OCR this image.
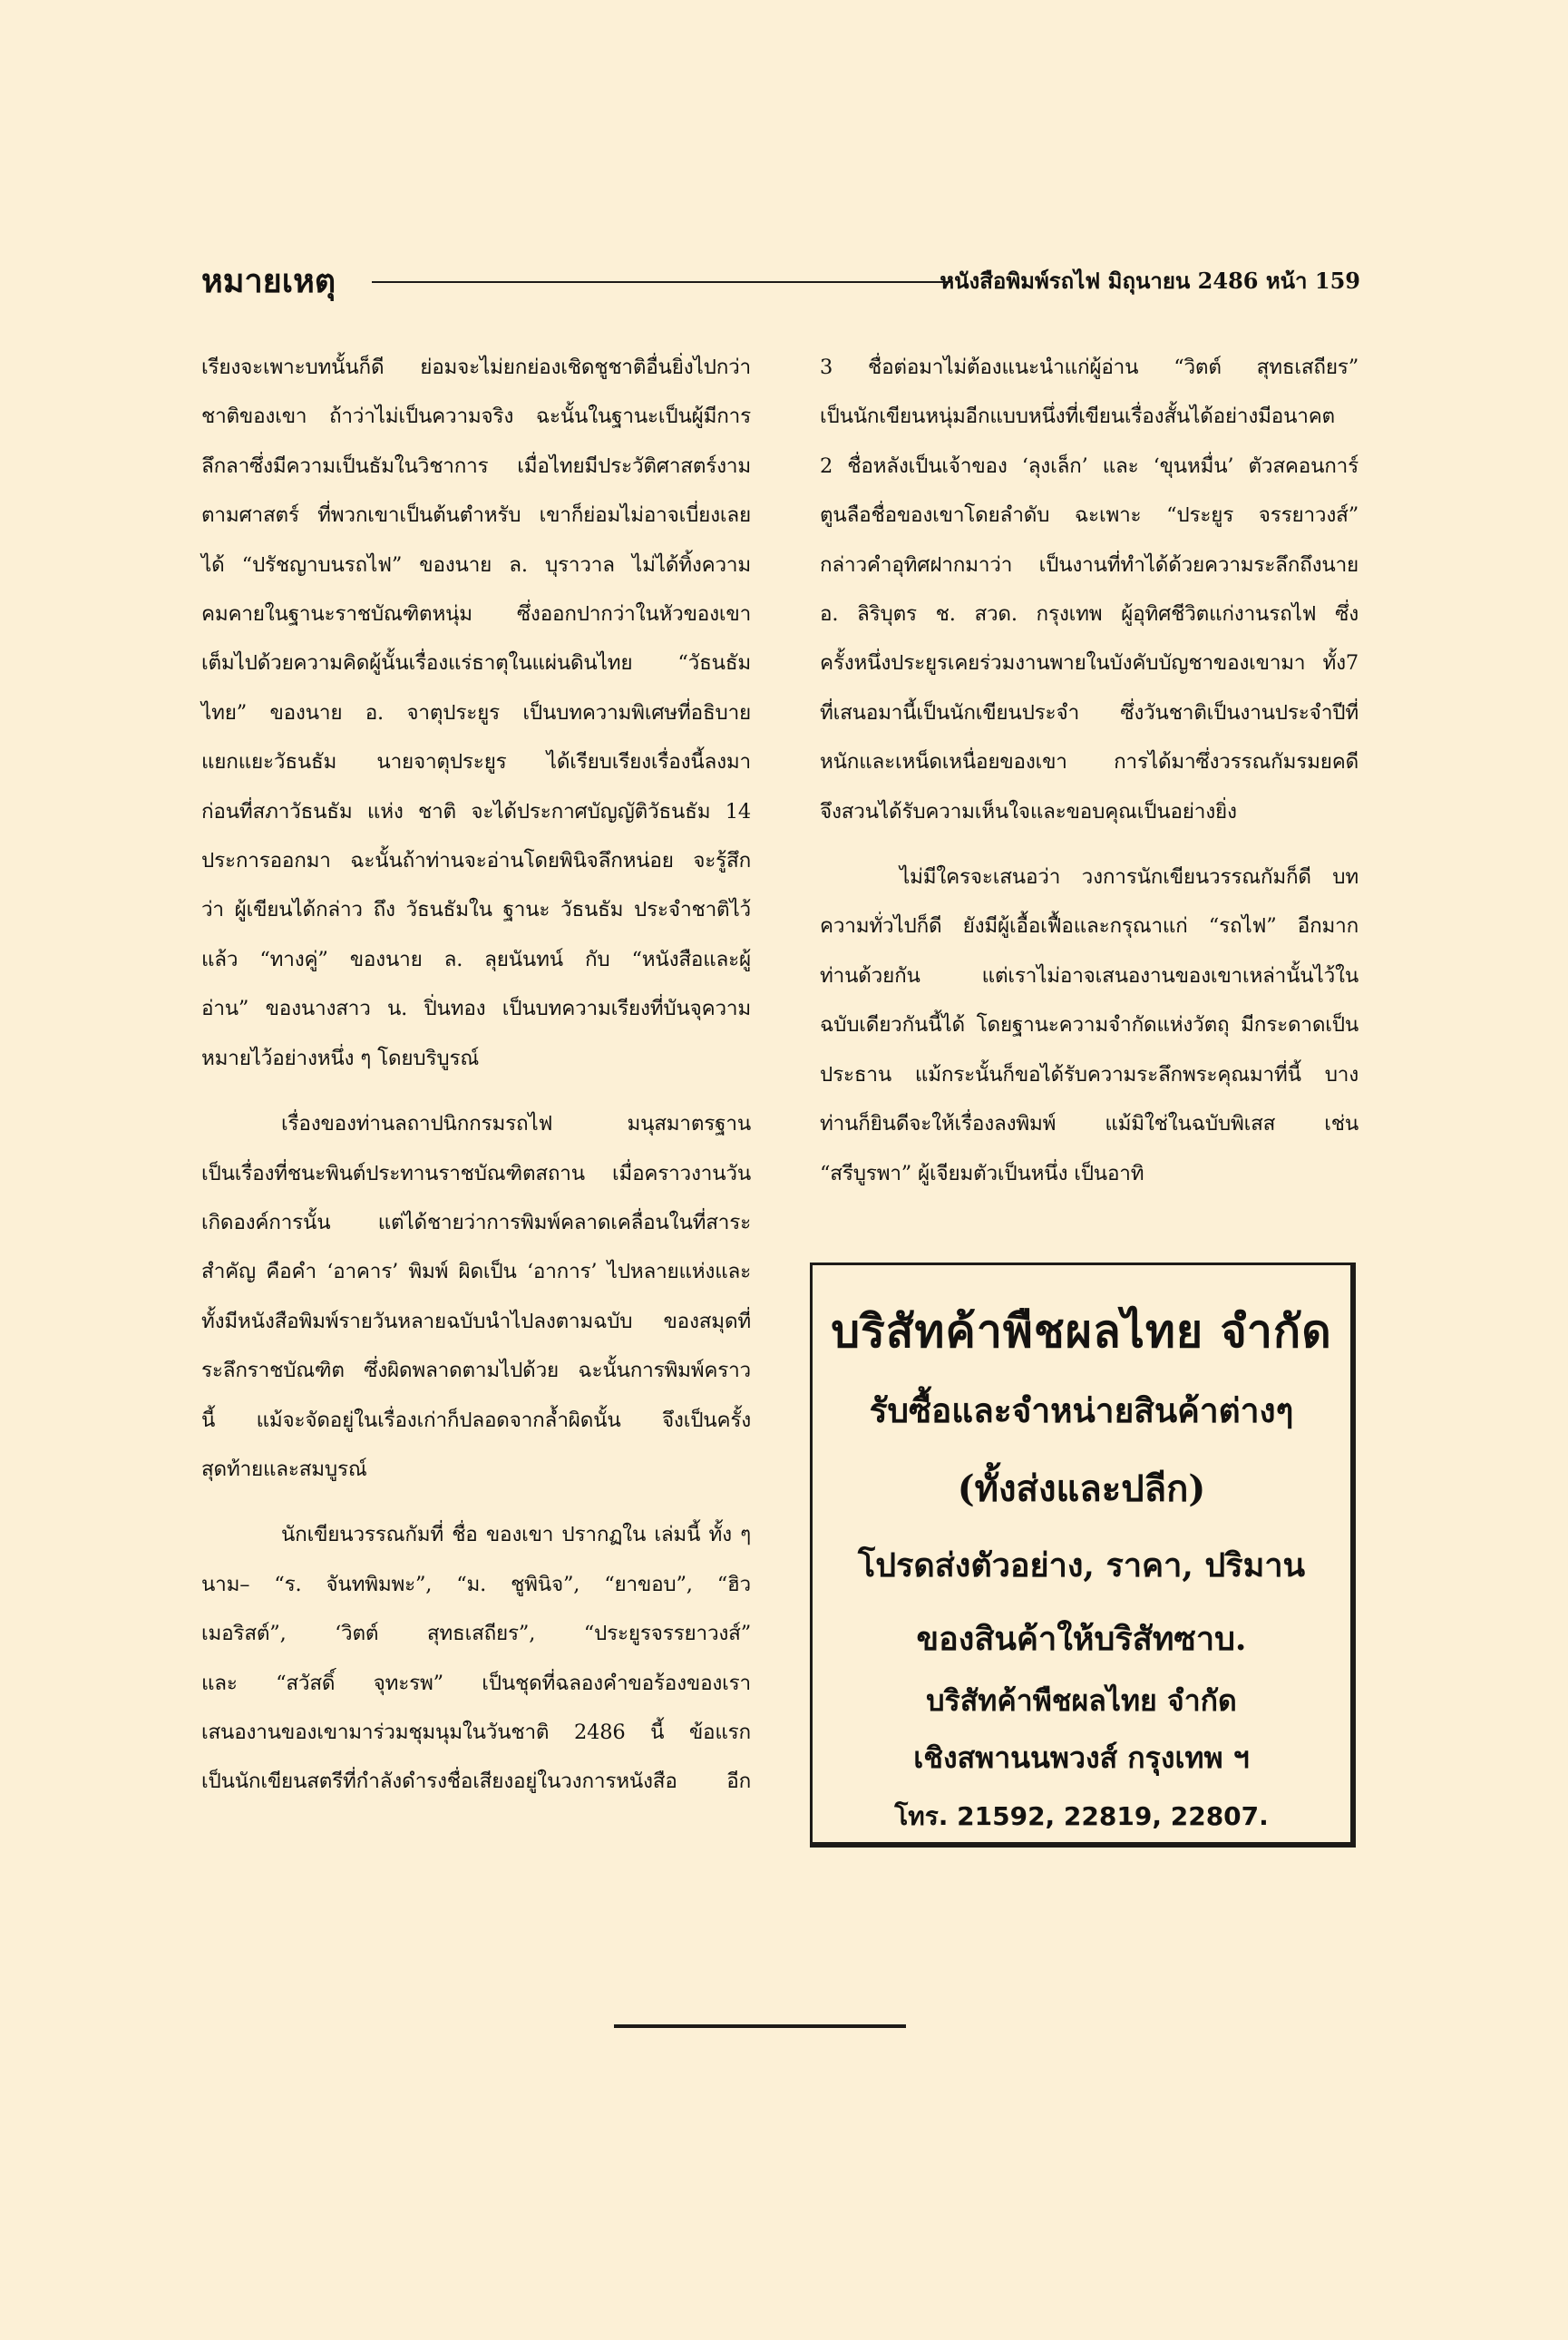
หมายเหตุ	หนังสือพิมพ์รถไฟ มิถุนายน 2486 หน้า 159

เรียงจะเพาะบทนั้นก็ดี ย่อมจะไม่ยกย่องเชิดชูชาติอื่นยิ่งไปกว่า

ชาติของเขา ถ้าว่าไม่เป็นความจริง ฉะนั้นในฐานะเป็นผู้มีการ

ลึกลาซึ่งมีความเป็นธัมในวิชาการ เมื่อไทยมีประวัติศาสตร์งาม

ตามศาสตร์ ที่พวกเขาเป็นต้นตำหรับ เขาก็ย่อมไม่อาจเบี่ยงเลย

ได้ “ปรัชญาบนรถไฟ” ของนาย ล. บุราวาล ไม่ได้ทิ้งความ

คมคายในฐานะราชบัณฑิตหนุ่ม ซึ่งออกปากว่าในหัวของเขา

เต็มไปด้วยความคิดผู้นั้นเรื่องแร่ธาตุในแผ่นดินไทย “วัธนธัม

ไทย” ของนาย อ. จาตุประยูร เป็นบทความพิเศษที่อธิบาย

แยกแยะวัธนธัม นายจาตุประยูร ได้เรียบเรียงเรื่องนี้ลงมา

ก่อนที่สภาวัธนธัม แห่ง ชาติ จะได้ประกาศบัญญัติวัธนธัม 14

ประการออกมา ฉะนั้นถ้าท่านจะอ่านโดยพินิจลึกหน่อย จะรู้สึก

ว่า ผู้เขียนได้กล่าว ถึง วัธนธัมใน ฐานะ วัธนธัม ประจำชาติไว้

แล้ว “ทางคู่” ของนาย ล. ลุยนันทน์ กับ “หนังสือและผู้

อ่าน” ของนางสาว น. ปิ่นทอง เป็นบทความเรียงที่บันจุความ

หมายไว้อย่างหนึ่ง ๆ โดยบริบูรณ์

เรื่องของท่านลถาปนิกกรมรถไฟ มนุสมาตรฐาน

เป็นเรื่องที่ชนะพินต์ประทานราชบัณฑิตสถาน เมื่อคราวงานวัน

เกิดองค์การนั้น แต่ได้ชายว่าการพิมพ์คลาดเคลื่อนในที่สาระ

สำคัญ คือคำ ‘อาคาร’ พิมพ์ ผิดเป็น ‘อาการ’ ไปหลายแห่งและ

ทั้งมีหนังสือพิมพ์รายวันหลายฉบับนำไปลงตามฉบับ ของสมุดที่

ระลึกราชบัณฑิต ซึ่งผิดพลาดตามไปด้วย ฉะนั้นการพิมพ์คราว

นี้ แม้จะจัดอยู่ในเรื่องเก่าก็ปลอดจากล้ำผิดนั้น จึงเป็นครั้ง

สุดท้ายและสมบูรณ์

นักเขียนวรรณกัมที่ ชื่อ ของเขา ปรากฏใน เล่มนี้ ทั้ง ๆ

นาม– “ร. จันทพิมพะ”, “ม. ชูพินิจ”, “ยาขอบ”, “ฮิว

เมอริสต์”, ‘วิตต์ สุทธเสถียร”, “ประยูรจรรยาวงส์”

และ “สวัสดิ์ จุทะรพ” เป็นชุดที่ฉลองคำขอร้องของเรา

เสนองานของเขามาร่วมชุมนุมในวันชาติ 2486 นี้ ข้อแรก

เป็นนักเขียนสตรีที่กำลังดำรงชื่อเสียงอยู่ในวงการหนังสือ อีก

3 ชื่อต่อมาไม่ต้องแนะนำแก่ผู้อ่าน “วิตต์ สุทธเสถียร”

เป็นนักเขียนหนุ่มอีกแบบหนึ่งที่เขียนเรื่องสั้นได้อย่างมีอนาคต

2 ชื่อหลังเป็นเจ้าของ ‘ลุงเล็ก’ และ ‘ขุนหมื่น’ ตัวสคอนการ์

ตูนลือชื่อของเขาโดยลำดับ ฉะเพาะ “ประยูร จรรยาวงส์”

กล่าวคำอุทิศฝากมาว่า เป็นงานที่ทำได้ด้วยความระลึกถึงนาย

อ. ลิริบุตร ช. สวด. กรุงเทพ ผู้อุทิศชีวิตแก่งานรถไฟ ซึ่ง

ครั้งหนึ่งประยูรเคยร่วมงานพายในบังคับบัญชาของเขามา ทั้ง7

ที่เสนอมานี้เป็นนักเขียนประจำ ซึ่งวันชาติเป็นงานประจำปีที่

หนักและเหน็ดเหนื่อยของเขา การได้มาซึ่งวรรณกัมรมยคดี

จึงสวนได้รับความเห็นใจและขอบคุณเป็นอย่างยิ่ง

ไม่มีใครจะเสนอว่า วงการนักเขียนวรรณกัมก็ดี บท

ความทั่วไปก็ดี ยังมีผู้เอื้อเฟื้อและกรุณาแก่ “รถไฟ” อีกมาก

ท่านด้วยกัน แต่เราไม่อาจเสนองานของเขาเหล่านั้นไว้ใน

ฉบับเดียวกันนี้ได้ โดยฐานะความจำกัดแห่งวัตถุ มีกระดาดเป็น

ประธาน แม้กระนั้นก็ขอได้รับความระลึกพระคุณมาที่นี้ บาง

ท่านก็ยินดีจะให้เรื่องลงพิมพ์ แม้มิใช่ในฉบับพิเสส เช่น

“สรีบูรพา” ผู้เจียมตัวเป็นหนึ่ง เป็นอาทิ

บริสัทค้าพืชผลไทย จำกัด
รับซื้อและจำหน่ายสินค้าต่างๆ
(ทั้งส่งและปลีก)
โปรดส่งตัวอย่าง, ราคา, ปริมาน
ของสินค้าให้บริสัทซาบ.
บริสัทค้าพืชผลไทย จำกัด
เชิงสพานนพวงส์ กรุงเทพ ฯ
โทร. 21592, 22819, 22807.
